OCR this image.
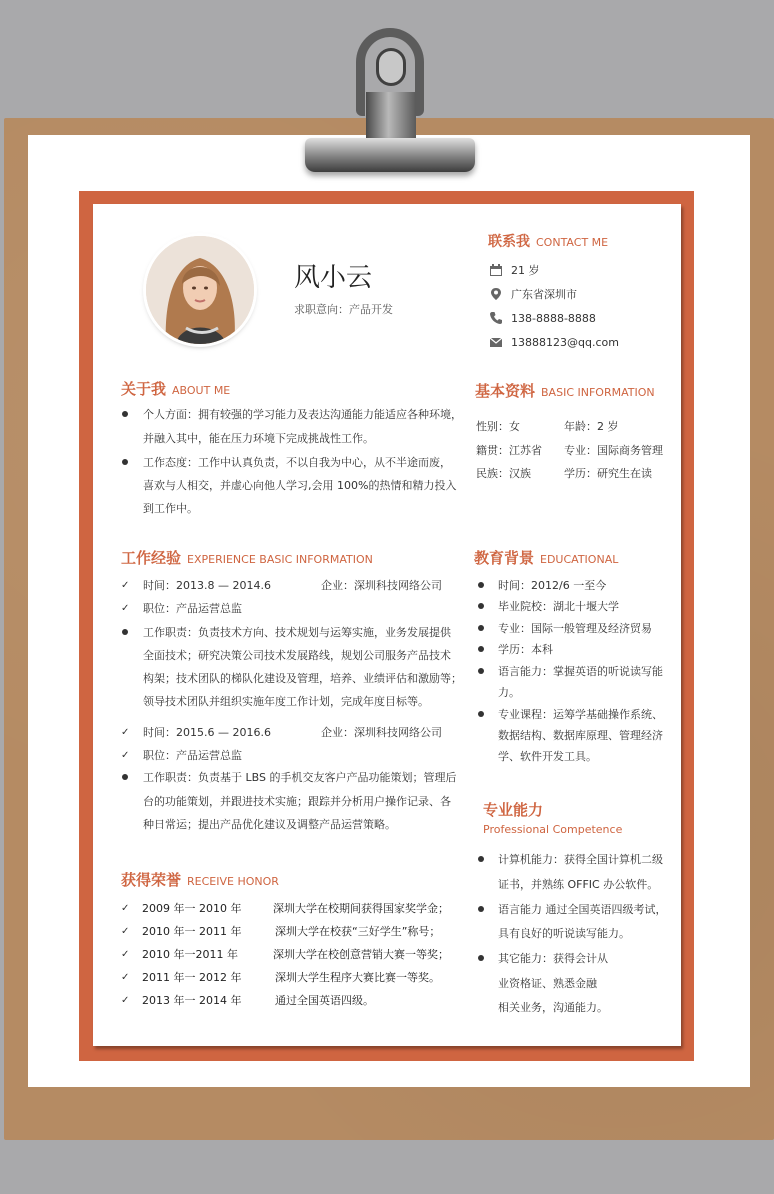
风小云
求职意向：产品开发
联系我 CONTACT ME
21 岁
广东省深圳市
138-8888-8888
13888123@qq.com
关于我 ABOUT ME
个人方面：拥有较强的学习能力及表达沟通能力能适应各种环境，
并融入其中，能在压力环境下完成挑战性工作。
工作态度：工作中认真负责，不以自我为中心，从不半途而废，
喜欢与人相交，并虚心向他人学习,会用 100%的热情和精力投入
到工作中。
基本资料 BASIC INFORMATION
性别：女	年龄：2 岁
籍贯：江苏省 专业：国际商务管理
民族：汉族	学历：研究生在读
工作经验 EXPERIENCE BASIC INFORMATION
✓ 时间：2013.8 — 2014.6	企业：深圳科技网络公司
✓ 职位：产品运营总监
工作职责：负责技术方向、技术规划与运筹实施，业务发展提供
全面技术；研究决策公司技术发展路线，规划公司服务产品技术
构架；技术团队的梯队化建设及管理，培养、业绩评估和激励等；
领导技术团队并组织实施年度工作计划，完成年度目标等。
✓ 时间：2015.6 — 2016.6	企业：深圳科技网络公司
✓ 职位：产品运营总监
工作职责：负责基于 LBS 的手机交友客户产品功能策划；管理后
台的功能策划，并跟进技术实施；跟踪并分析用户操作记录、各
种日常运；提出产品优化建议及调整产品运营策略。
教育背景 EDUCATIONAL
时间：2012/6 一至今
毕业院校：湖北十堰大学
专业：国际一般管理及经济贸易
学历：本科
语言能力：掌握英语的听说读写能
力。
专业课程：运筹学基础操作系统、
数据结构、数据库原理、管理经济
学、软件开发工具。
专业能力
Professional Competence
计算机能力：获得全国计算机二级
证书，并熟练 OFFIC 办公软件。
语言能力 通过全国英语四级考试，
具有良好的听说读写能力。
其它能力：获得会计从
业资格证、熟悉金融
相关业务，沟通能力。
获得荣誉 RECEIVE HONOR
✓ 2009 年一 2010 年	深圳大学在校期间获得国家奖学金；
✓ 2010 年一 2011 年	深圳大学在校获“三好学生”称号；
✓ 2010 年一2011 年	深圳大学在校创意营销大赛一等奖；
✓ 2011 年一 2012 年	深圳大学生程序大赛比赛一等奖。
✓ 2013 年一 2014 年	通过全国英语四级。
